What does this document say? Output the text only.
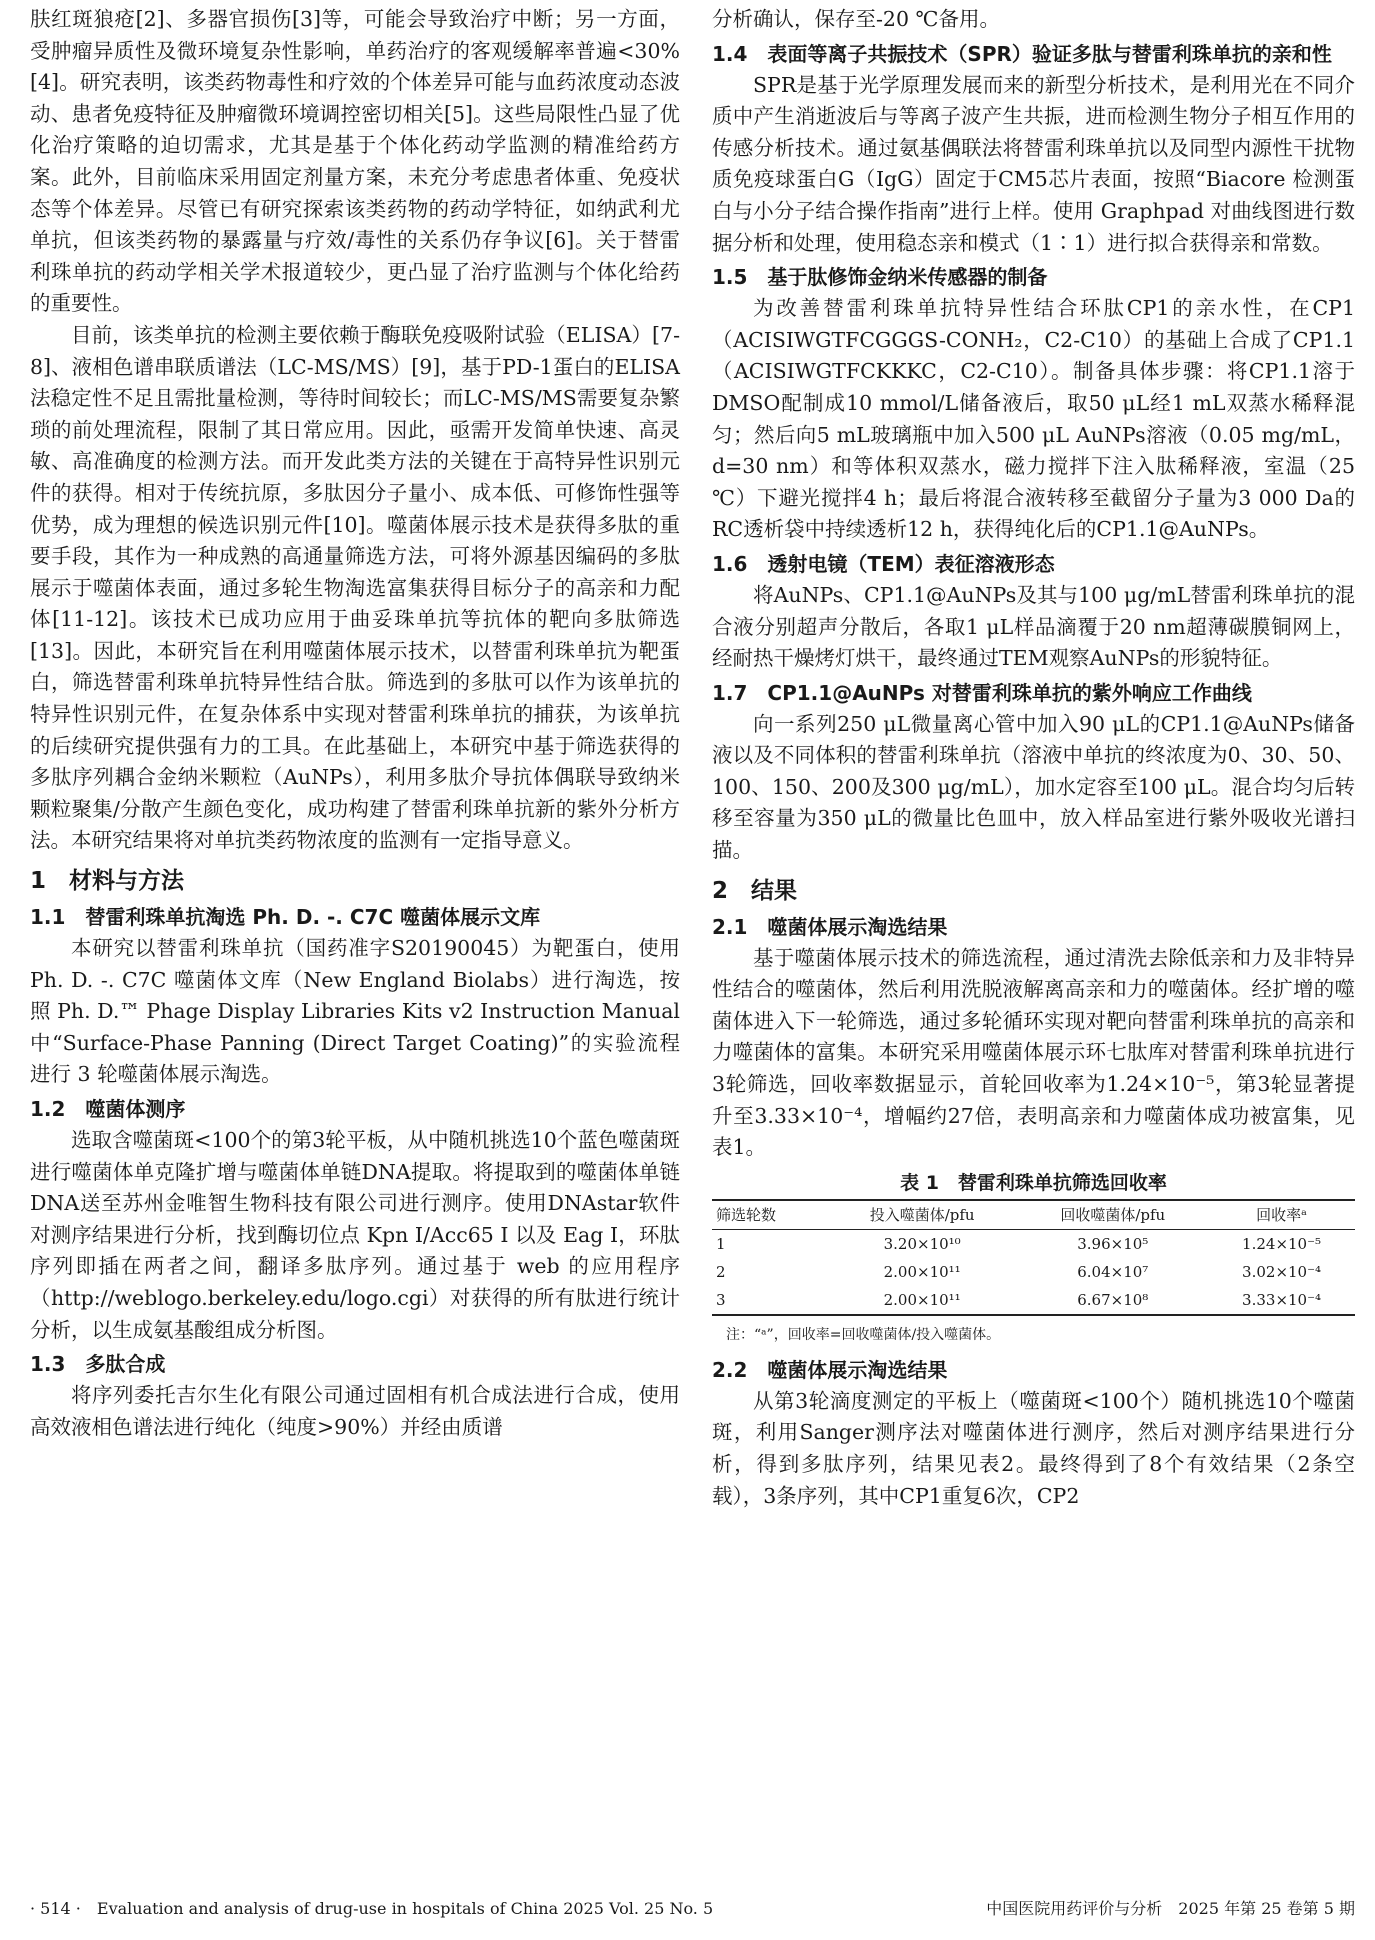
肤红斑狼疮[2]、多器官损伤[3]等，可能会导致治疗中断；另一方面，受肿瘤异质性及微环境复杂性影响，单药治疗的客观缓解率普遍<30%[4]。研究表明，该类药物毒性和疗效的个体差异可能与血药浓度动态波动、患者免疫特征及肿瘤微环境调控密切相关[5]。这些局限性凸显了优化治疗策略的迫切需求，尤其是基于个体化药动学监测的精准给药方案。此外，目前临床采用固定剂量方案，未充分考虑患者体重、免疫状态等个体差异。尽管已有研究探索该类药物的药动学特征，如纳武利尤单抗，但该类药物的暴露量与疗效/毒性的关系仍存争议[6]。关于替雷利珠单抗的药动学相关学术报道较少，更凸显了治疗监测与个体化给药的重要性。
目前，该类单抗的检测主要依赖于酶联免疫吸附试验（ELISA）[7-8]、液相色谱串联质谱法（LC-MS/MS）[9]，基于PD-1蛋白的ELISA法稳定性不足且需批量检测，等待时间较长；而LC-MS/MS需要复杂繁琐的前处理流程，限制了其日常应用。因此，亟需开发简单快速、高灵敏、高准确度的检测方法。而开发此类方法的关键在于高特异性识别元件的获得。相对于传统抗原，多肽因分子量小、成本低、可修饰性强等优势，成为理想的候选识别元件[10]。噬菌体展示技术是获得多肽的重要手段，其作为一种成熟的高通量筛选方法，可将外源基因编码的多肽展示于噬菌体表面，通过多轮生物淘选富集获得目标分子的高亲和力配体[11-12]。该技术已成功应用于曲妥珠单抗等抗体的靶向多肽筛选[13]。因此，本研究旨在利用噬菌体展示技术，以替雷利珠单抗为靶蛋白，筛选替雷利珠单抗特异性结合肽。筛选到的多肽可以作为该单抗的特异性识别元件，在复杂体系中实现对替雷利珠单抗的捕获，为该单抗的后续研究提供强有力的工具。在此基础上，本研究中基于筛选获得的多肽序列耦合金纳米颗粒（AuNPs），利用多肽介导抗体偶联导致纳米颗粒聚集/分散产生颜色变化，成功构建了替雷利珠单抗新的紫外分析方法。本研究结果将对单抗类药物浓度的监测有一定指导意义。
1　材料与方法
1.1　替雷利珠单抗淘选 Ph. D. -. C7C 噬菌体展示文库
本研究以替雷利珠单抗（国药准字S20190045）为靶蛋白，使用 Ph. D. -. C7C 噬菌体文库（New England Biolabs）进行淘选，按照 Ph. D.™ Phage Display Libraries Kits v2 Instruction Manual 中“Surface-Phase Panning (Direct Target Coating)”的实验流程进行 3 轮噬菌体展示淘选。
1.2　噬菌体测序
选取含噬菌斑<100个的第3轮平板，从中随机挑选10个蓝色噬菌斑进行噬菌体单克隆扩增与噬菌体单链DNA提取。将提取到的噬菌体单链DNA送至苏州金唯智生物科技有限公司进行测序。使用DNAstar软件对测序结果进行分析，找到酶切位点 Kpn I/Acc65 I 以及 Eag I，环肽序列即插在两者之间，翻译多肽序列。通过基于 web 的应用程序（http://weblogo.berkeley.edu/logo.cgi）对获得的所有肽进行统计分析，以生成氨基酸组成分析图。
1.3　多肽合成
将序列委托吉尔生化有限公司通过固相有机合成法进行合成，使用高效液相色谱法进行纯化（纯度>90%）并经由质谱
分析确认，保存至-20 ℃备用。
1.4　表面等离子共振技术（SPR）验证多肽与替雷利珠单抗的亲和性
SPR是基于光学原理发展而来的新型分析技术，是利用光在不同介质中产生消逝波后与等离子波产生共振，进而检测生物分子相互作用的传感分析技术。通过氨基偶联法将替雷利珠单抗以及同型内源性干扰物质免疫球蛋白G（IgG）固定于CM5芯片表面，按照“Biacore 检测蛋白与小分子结合操作指南”进行上样。使用 Graphpad 对曲线图进行数据分析和处理，使用稳态亲和模式（1∶1）进行拟合获得亲和常数。
1.5　基于肽修饰金纳米传感器的制备
为改善替雷利珠单抗特异性结合环肽CP1的亲水性，在CP1（ACISIWGTFCGGGS-CONH₂，C2-C10）的基础上合成了CP1.1（ACISIWGTFCKKKC，C2-C10）。制备具体步骤：将CP1.1溶于DMSO配制成10 mmol/L储备液后，取50 μL经1 mL双蒸水稀释混匀；然后向5 mL玻璃瓶中加入500 μL AuNPs溶液（0.05 mg/mL，d=30 nm）和等体积双蒸水，磁力搅拌下注入肽稀释液，室温（25 ℃）下避光搅拌4 h；最后将混合液转移至截留分子量为3 000 Da的RC透析袋中持续透析12 h，获得纯化后的CP1.1@AuNPs。
1.6　透射电镜（TEM）表征溶液形态
将AuNPs、CP1.1@AuNPs及其与100 μg/mL替雷利珠单抗的混合液分别超声分散后，各取1 μL样品滴覆于20 nm超薄碳膜铜网上，经耐热干燥烤灯烘干，最终通过TEM观察AuNPs的形貌特征。
1.7　CP1.1@AuNPs 对替雷利珠单抗的紫外响应工作曲线
向一系列250 μL微量离心管中加入90 μL的CP1.1@AuNPs储备液以及不同体积的替雷利珠单抗（溶液中单抗的终浓度为0、30、50、100、150、200及300 μg/mL），加水定容至100 μL。混合均匀后转移至容量为350 μL的微量比色皿中，放入样品室进行紫外吸收光谱扫描。
2　结果
2.1　噬菌体展示淘选结果
基于噬菌体展示技术的筛选流程，通过清洗去除低亲和力及非特异性结合的噬菌体，然后利用洗脱液解离高亲和力的噬菌体。经扩增的噬菌体进入下一轮筛选，通过多轮循环实现对靶向替雷利珠单抗的高亲和力噬菌体的富集。本研究采用噬菌体展示环七肽库对替雷利珠单抗进行3轮筛选，回收率数据显示，首轮回收率为1.24×10⁻⁵，第3轮显著提升至3.33×10⁻⁴，增幅约27倍，表明高亲和力噬菌体成功被富集，见表1。
表 1　替雷利珠单抗筛选回收率
筛选轮数	投入噬菌体/pfu	回收噬菌体/pfu	回收率ᵃ
1	3.20×10¹⁰	3.96×10⁵	1.24×10⁻⁵
2	2.00×10¹¹	6.04×10⁷	3.02×10⁻⁴
3	2.00×10¹¹	6.67×10⁸	3.33×10⁻⁴
注：“ᵃ”，回收率=回收噬菌体/投入噬菌体。
2.2　噬菌体展示淘选结果
从第3轮滴度测定的平板上（噬菌斑<100个）随机挑选10个噬菌斑，利用Sanger测序法对噬菌体进行测序，然后对测序结果进行分析，得到多肽序列，结果见表2。最终得到了8个有效结果（2条空载），3条序列，其中CP1重复6次，CP2
· 514 ·　Evaluation and analysis of drug-use in hospitals of China 2025 Vol. 25 No. 5	中国医院用药评价与分析　2025 年第 25 卷第 5 期
